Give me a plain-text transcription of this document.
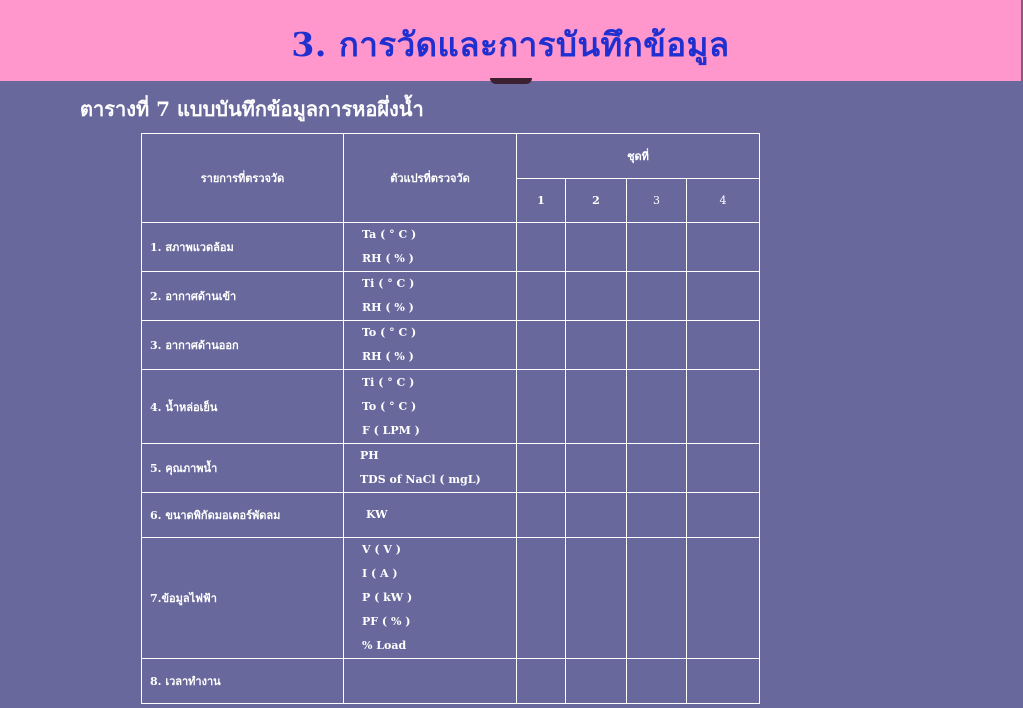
3. การวัดและการบันทึกข้อมูล
ตารางที่ 7 แบบบันทึกข้อมูลการหอผึ่งน้ำ
รายการที่ตรวจวัด	ตัวแปรที่ตรวจวัด	ชุดที่			
		1	2	3	4
1. สภาพแวดล้อม	Ta ( ° C )
RH ( % )				

2. อากาศด้านเข้า	Ti ( ° C )
RH ( % )				

3. อากาศด้านออก	To ( ° C )
RH ( % )				

4. น้ำหล่อเย็น	Ti ( ° C )
To ( ° C )
F ( LPM )				

5. คุณภาพน้ำ	PH
TDS of NaCl ( mgL)				

6. ขนาดพิกัดมอเตอร์พัดลม	KW				

7.ข้อมูลไฟฟ้า	V ( V )
I ( A )
P ( kW )
PF ( % )
% Load				

8. เวลาทำงาน					
